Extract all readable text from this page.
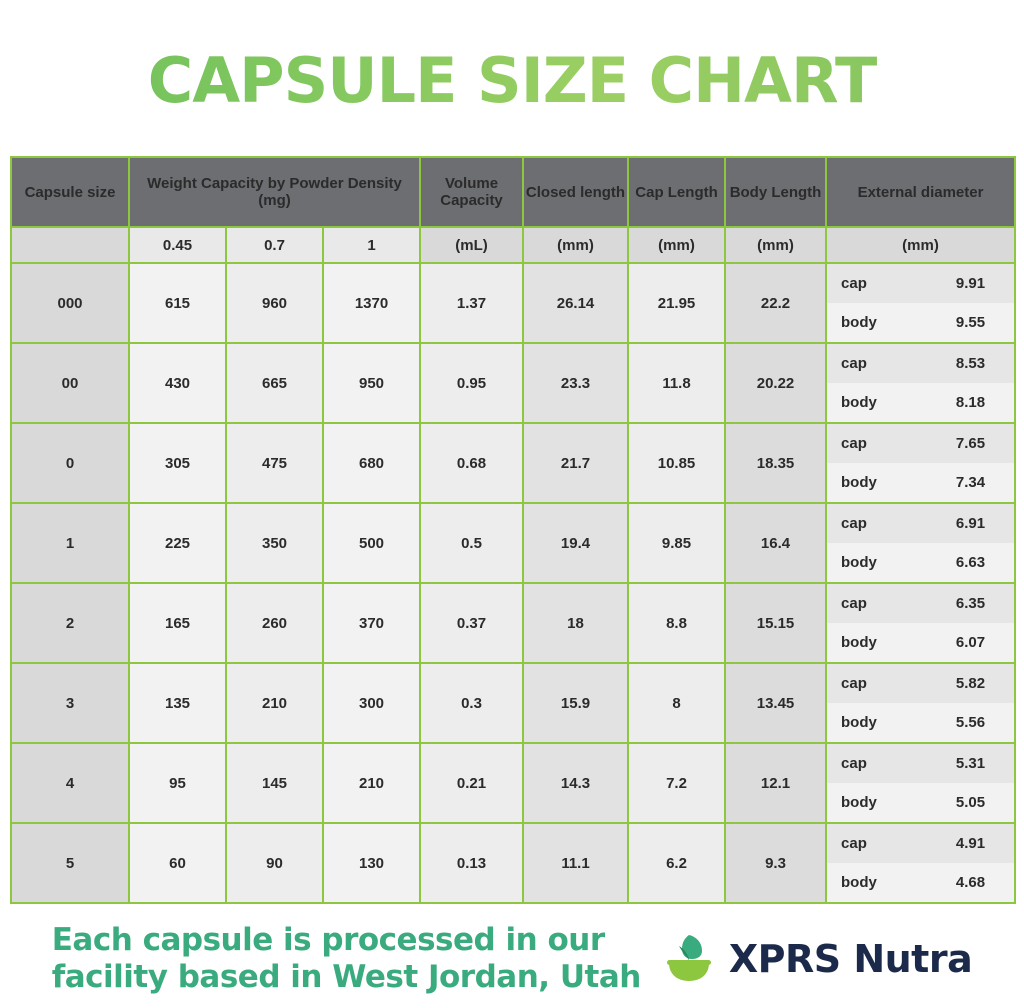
CAPSULE SIZE CHART
Capsule size	Weight Capacity by Powder Density (mg)			Volume Capacity	Closed length	Cap Length	Body Length	External diameter
	0.45	0.7	1	(mL)	(mm)	(mm)	(mm)	(mm)
000	615	960	1370	1.37	26.14	21.95	22.2	cap 9.91
body 9.55

00	430	665	950	0.95	23.3	11.8	20.22	cap 8.53
body 8.18

0	305	475	680	0.68	21.7	10.85	18.35	cap 7.65
body 7.34

1	225	350	500	0.5	19.4	9.85	16.4	cap 6.91
body 6.63

2	165	260	370	0.37	18	8.8	15.15	cap 6.35
body 6.07

3	135	210	300	0.3	15.9	8	13.45	cap 5.82
body 5.56

4	95	145	210	0.21	14.3	7.2	12.1	cap 5.31
body 5.05

5	60	90	130	0.13	11.1	6.2	9.3	cap 4.91
body 4.68
Each capsule is processed in our
facility based in West Jordan, Utah XPRS Nutra
